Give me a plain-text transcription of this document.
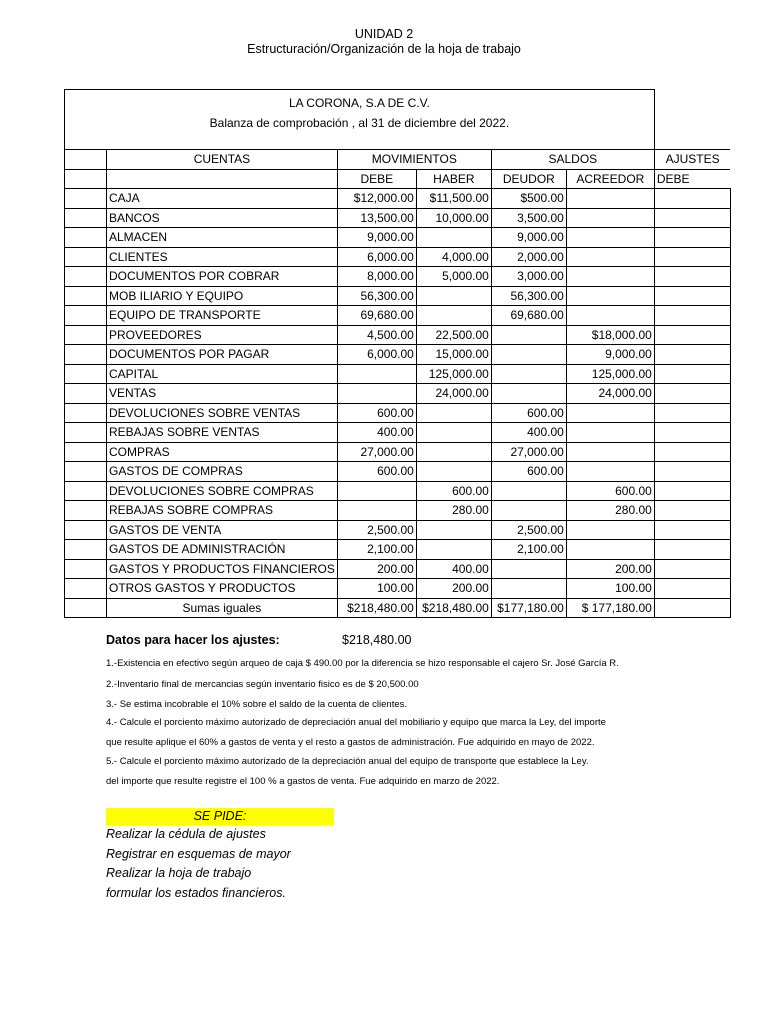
UNIDAD 2
Estructuración/Organización de la hoja de trabajo
LA CORONA, S.A DE C.V.
Balanza de comprobación , al 31 de diciembre del 2022.						

	CUENTAS	MOVIMIENTOS		SALDOS		AJUSTES
		DEBE	HABER	DEUDOR	ACREEDOR	DEBE
	CAJA	$12,000.00	$11,500.00	$500.00		
	BANCOS	13,500.00	10,000.00	3,500.00		
	ALMACEN	9,000.00		9,000.00		
	CLIENTES	6,000.00	4,000.00	2,000.00		
	DOCUMENTOS POR COBRAR	8,000.00	5,000.00	3,000.00		
	MOB ILIARIO Y EQUIPO	56,300.00		56,300.00		
	EQUIPO DE TRANSPORTE	69,680.00		69,680.00		
	PROVEEDORES	4,500.00	22,500.00		$18,000.00	
	DOCUMENTOS POR PAGAR	6,000.00	15,000.00		9,000.00	
	CAPITAL		125,000.00		125,000.00	
	VENTAS		24,000.00		24,000.00	
	DEVOLUCIONES SOBRE VENTAS	600.00		600.00		
	REBAJAS SOBRE VENTAS	400.00		400.00		
	COMPRAS	27,000.00		27,000.00		
	GASTOS DE COMPRAS	600.00		600.00		
	DEVOLUCIONES SOBRE COMPRAS		600.00		600.00	
	REBAJAS SOBRE COMPRAS		280.00		280.00	
	GASTOS DE VENTA	2,500.00		2,500.00		
	GASTOS DE ADMINISTRACIÓN	2,100.00		2,100.00		
	GASTOS Y PRODUCTOS FINANCIEROS	200.00	400.00		200.00	
	OTROS GASTOS Y PRODUCTOS	100.00	200.00		100.00	
	Sumas iguales	$218,480.00	$218,480.00	$177,180.00	$ 177,180.00	
Datos para hacer los ajustes:	$218,480.00
1.-Existencia en efectivo según arqueo de caja $ 490.00 por la diferencia se hizo responsable el cajero Sr. José García R.
2.-Inventario final de mercancias según inventario fisico es de $ 20,500.00
3.- Se estima incobrable el 10% sobre el saldo de la cuenta de clientes.
4.- Calcule el porciento máximo autorizado de depreciación anual del mobiliario y equipo que marca la Ley, del importe
que resulte aplique el 60% a gastos de venta y el resto a gastos de administración. Fue adquirido en mayo de 2022.
5.- Calcule el porciento máximo autorizado de la depreciación anual del equipo de transporte que establece la Ley.
del importe que resulte registre el 100 % a gastos de venta. Fue adquirido en marzo de 2022.
SE PIDE:
Realizar la cédula de ajustes
Registrar en esquemas de mayor
Realizar la hoja de trabajo
formular los estados financieros.
